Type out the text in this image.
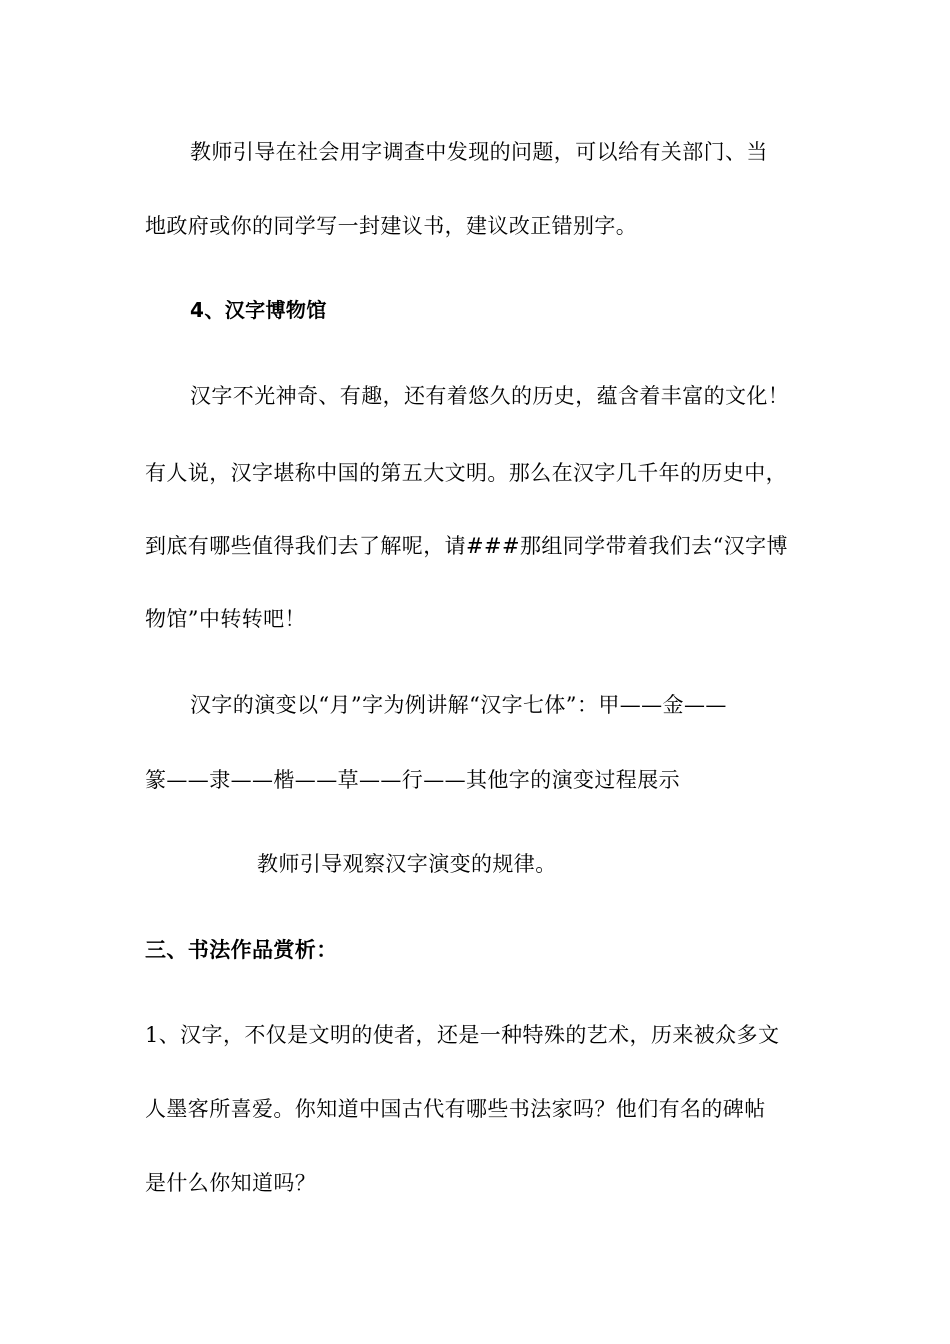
教师引导在社会用字调查中发现的问题，可以给有关部门、当
地政府或你的同学写一封建议书，建议改正错别字。
4、汉字博物馆
汉字不光神奇、有趣，还有着悠久的历史，蕴含着丰富的文化！
有人说，汉字堪称中国的第五大文明。那么在汉字几千年的历史中，
到底有哪些值得我们去了解呢，请###那组同学带着我们去“汉字博
物馆”中转转吧！
汉字的演变以“月”字为例讲解“汉字七体”：甲——金——
篆——隶——楷——草——行——其他字的演变过程展示
教师引导观察汉字演变的规律。
三、书法作品赏析：
1、汉字，不仅是文明的使者，还是一种特殊的艺术，历来被众多文
人墨客所喜爱。你知道中国古代有哪些书法家吗？他们有名的碑帖
是什么你知道吗？
